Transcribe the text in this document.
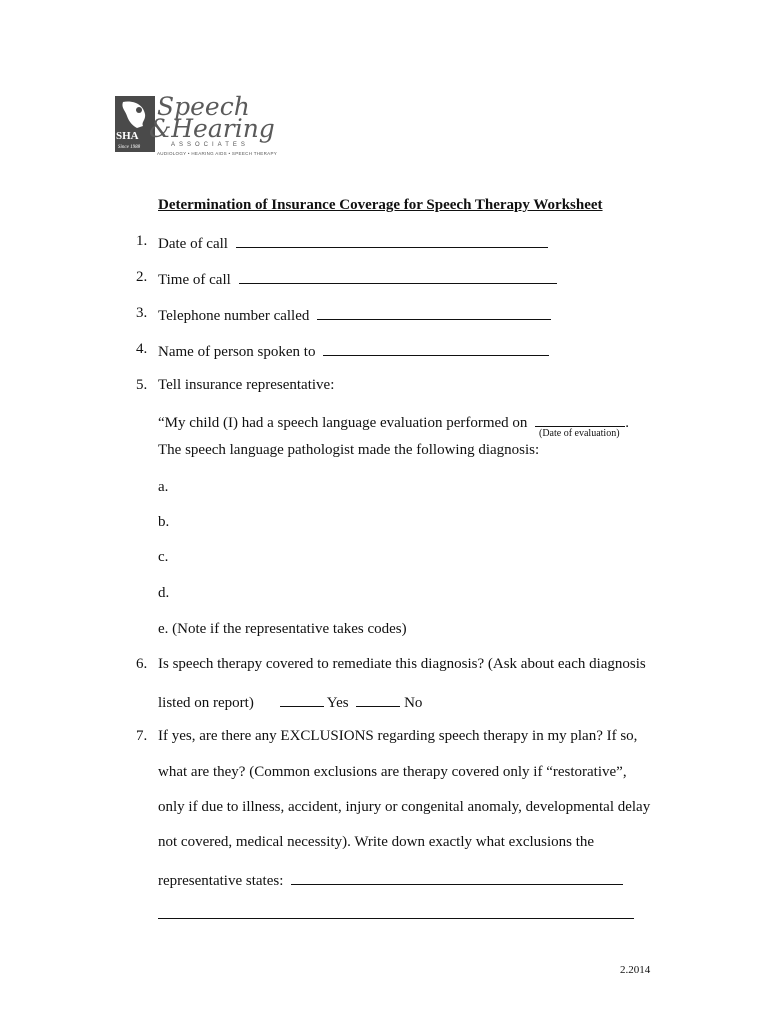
SHA
Since 1988
Speech
&Hearing
ASSOCIATES
AUDIOLOGY • HEARING AIDS • SPEECH THERAPY
Determination of Insurance Coverage for Speech Therapy Worksheet
1. Date of call
2. Time of call
3. Telephone number called
4. Name of person spoken to
5. Tell insurance representative:
“My child (I) had a speech language evaluation performed on	.
(Date of evaluation)
The speech language pathologist made the following diagnosis:
a.
b.
c.
d.
e. (Note if the representative takes codes)
6. Is speech therapy covered to remediate this diagnosis? (Ask about each diagnosis
listed on report)	Yes	No
7. If yes, are there any EXCLUSIONS regarding speech therapy in my plan? If so,
what are they? (Common exclusions are therapy covered only if “restorative”,
only if due to illness, accident, injury or congenital anomaly, developmental delay
not covered, medical necessity). Write down exactly what exclusions the
representative states:
2.2014
